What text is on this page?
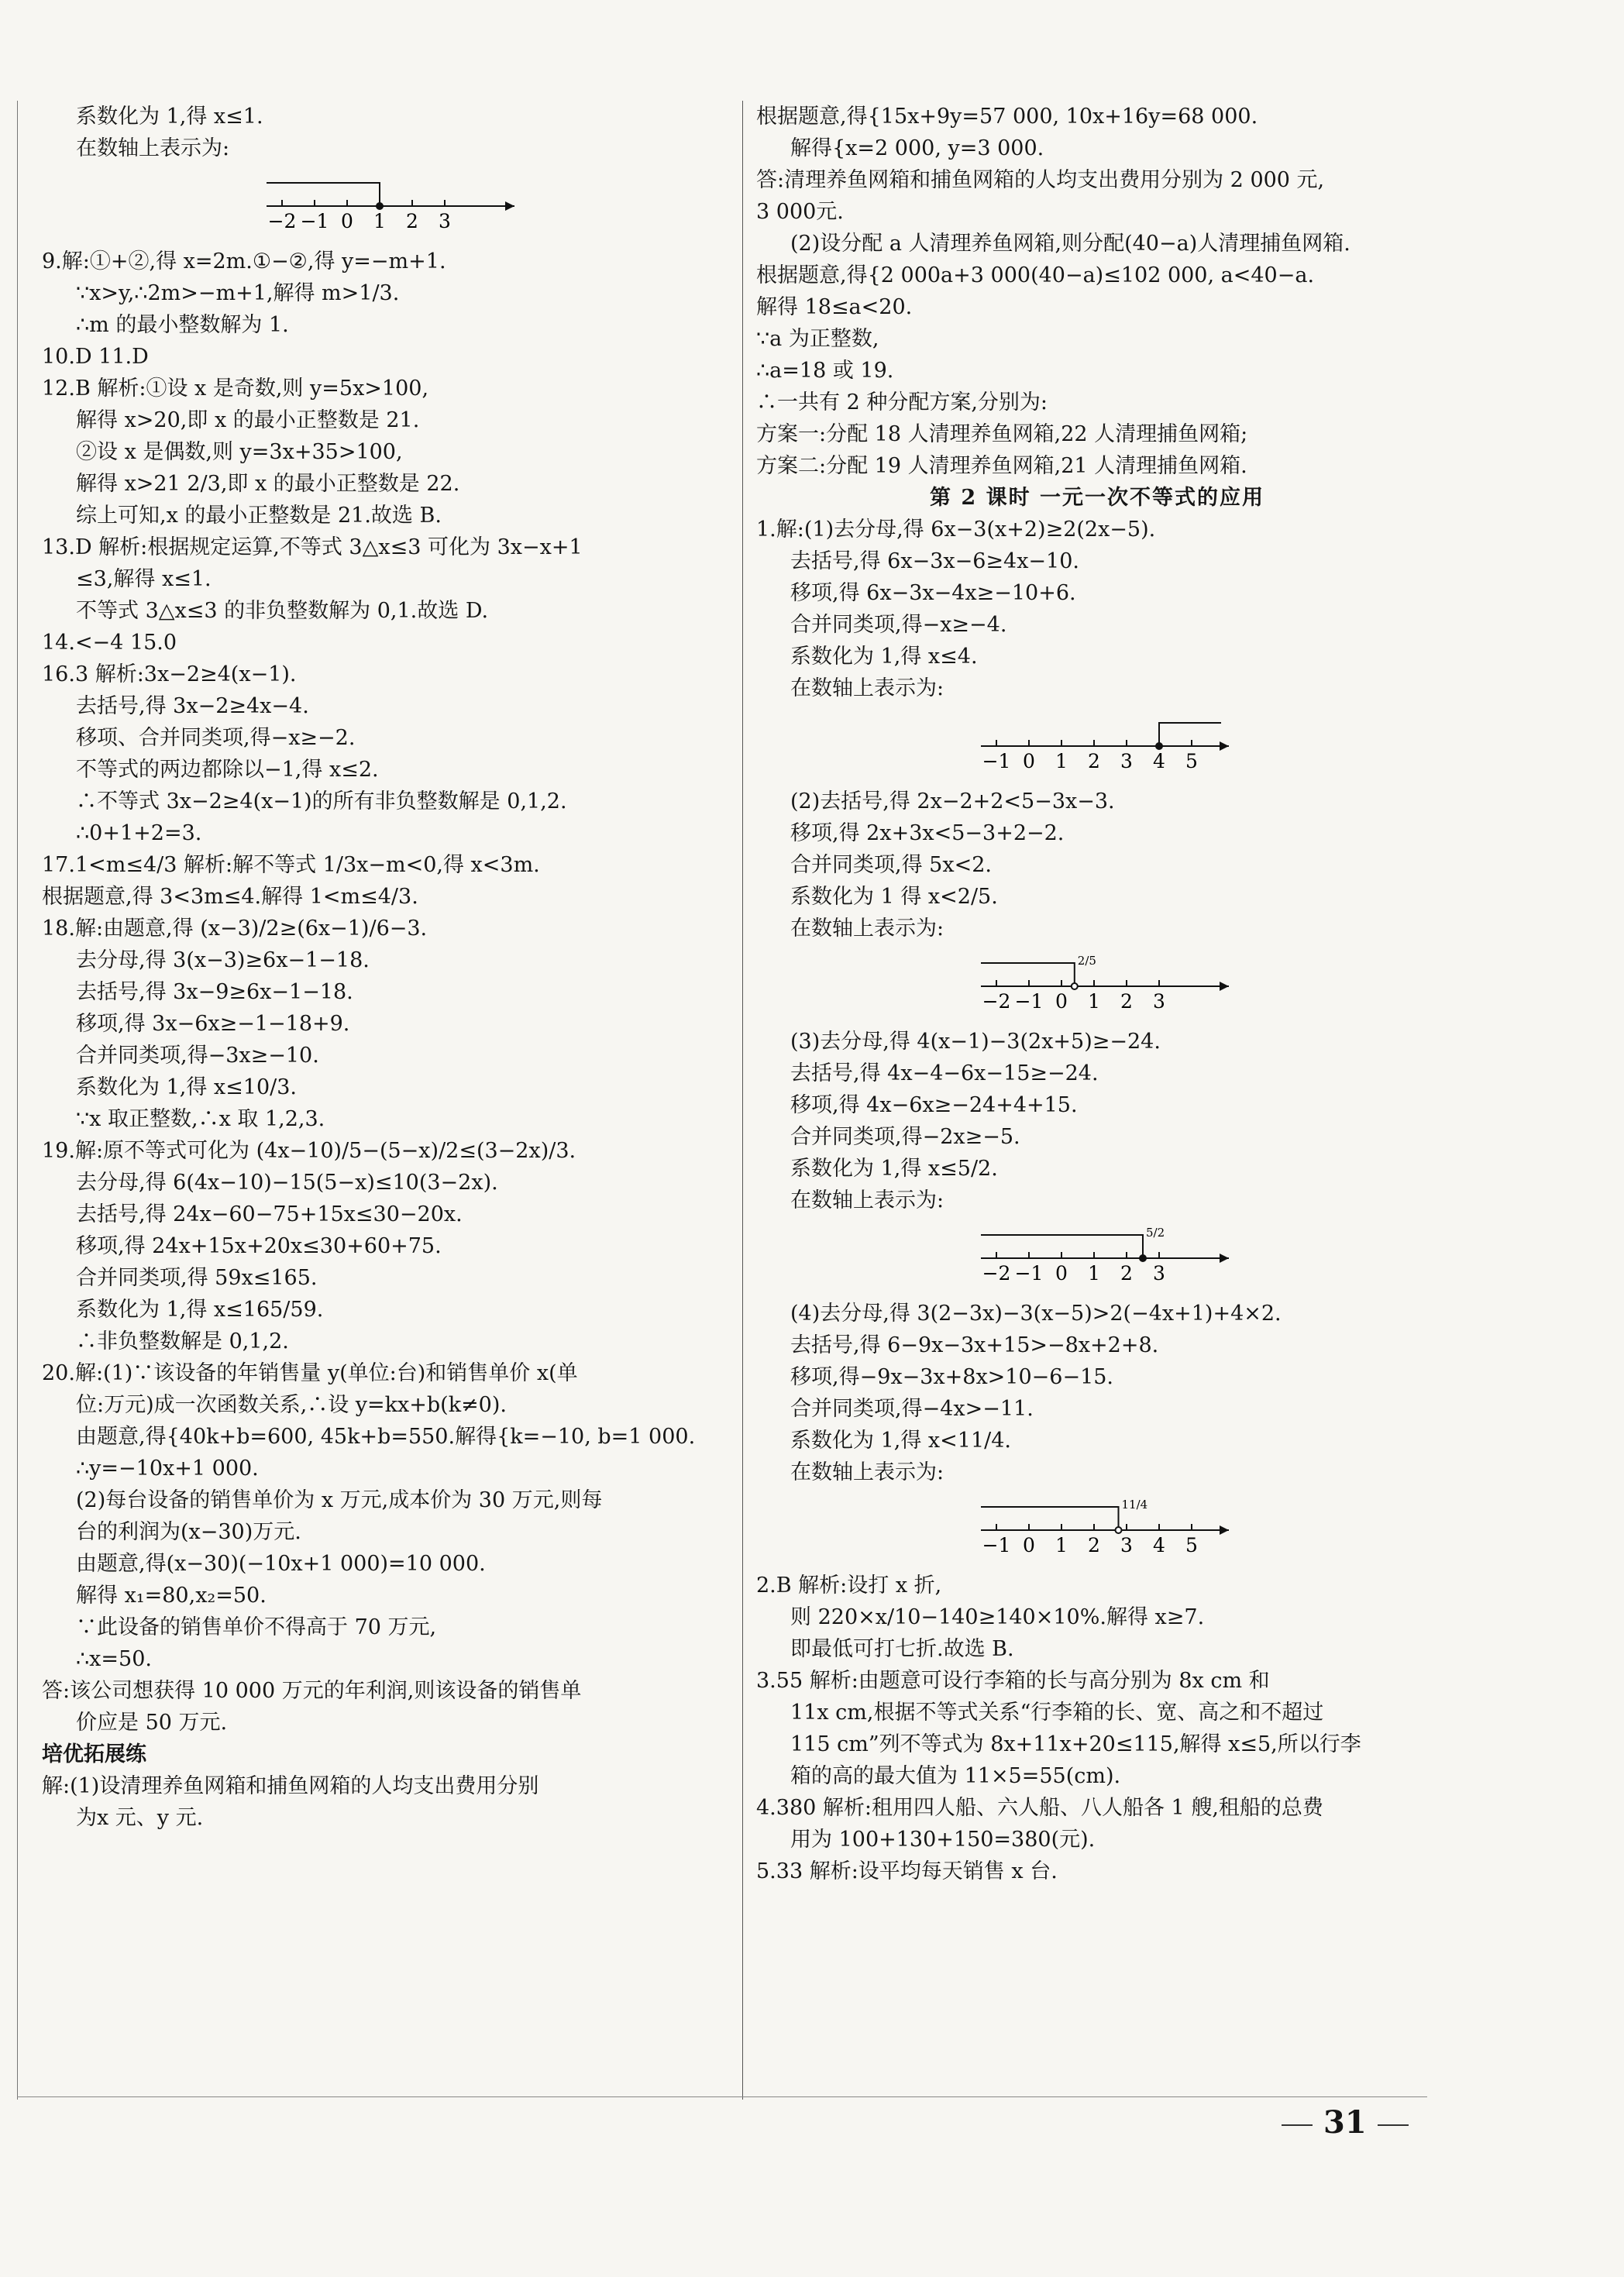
系数化为 1,得 x≤1.
在数轴上表示为:
−2 −1 0 1 2 3
9.解:①+②,得 x=2m.①−②,得 y=−m+1.
∵x>y,∴2m>−m+1,解得 m>1/3.
∴m 的最小整数解为 1.
10.D 11.D
12.B 解析:①设 x 是奇数,则 y=5x>100,
解得 x>20,即 x 的最小正整数是 21.
②设 x 是偶数,则 y=3x+35>100,
解得 x>21 2/3,即 x 的最小正整数是 22.
综上可知,x 的最小正整数是 21.故选 B.
13.D 解析:根据规定运算,不等式 3△x≤3 可化为 3x−x+1
≤3,解得 x≤1.
不等式 3△x≤3 的非负整数解为 0,1.故选 D.
14.<−4 15.0
16.3 解析:3x−2≥4(x−1).
去括号,得 3x−2≥4x−4.
移项、合并同类项,得−x≥−2.
不等式的两边都除以−1,得 x≤2.
∴不等式 3x−2≥4(x−1)的所有非负整数解是 0,1,2.
∴0+1+2=3.
17.1<m≤4/3 解析:解不等式 1/3x−m<0,得 x<3m.
根据题意,得 3<3m≤4.解得 1<m≤4/3.
18.解:由题意,得 (x−3)/2≥(6x−1)/6−3.
去分母,得 3(x−3)≥6x−1−18.
去括号,得 3x−9≥6x−1−18.
移项,得 3x−6x≥−1−18+9.
合并同类项,得−3x≥−10.
系数化为 1,得 x≤10/3.
∵x 取正整数,∴x 取 1,2,3.
19.解:原不等式可化为 (4x−10)/5−(5−x)/2≤(3−2x)/3.
去分母,得 6(4x−10)−15(5−x)≤10(3−2x).
去括号,得 24x−60−75+15x≤30−20x.
移项,得 24x+15x+20x≤30+60+75.
合并同类项,得 59x≤165.
系数化为 1,得 x≤165/59.
∴非负整数解是 0,1,2.
20.解:(1)∵该设备的年销售量 y(单位:台)和销售单价 x(单
位:万元)成一次函数关系,∴设 y=kx+b(k≠0).
由题意,得{40k+b=600, 45k+b=550.解得{k=−10, b=1 000.
∴y=−10x+1 000.
(2)每台设备的销售单价为 x 万元,成本价为 30 万元,则每
台的利润为(x−30)万元.
由题意,得(x−30)(−10x+1 000)=10 000.
解得 x₁=80,x₂=50.
∵此设备的销售单价不得高于 70 万元,
∴x=50.
答:该公司想获得 10 000 万元的年利润,则该设备的销售单
价应是 50 万元.
培优拓展练
解:(1)设清理养鱼网箱和捕鱼网箱的人均支出费用分别
为x 元、y 元.
根据题意,得{15x+9y=57 000, 10x+16y=68 000.
解得{x=2 000, y=3 000.
答:清理养鱼网箱和捕鱼网箱的人均支出费用分别为 2 000 元,
3 000元.
(2)设分配 a 人清理养鱼网箱,则分配(40−a)人清理捕鱼网箱.
根据题意,得{2 000a+3 000(40−a)≤102 000, a<40−a.
解得 18≤a<20.
∵a 为正整数,
∴a=18 或 19.
∴一共有 2 种分配方案,分别为:
方案一:分配 18 人清理养鱼网箱,22 人清理捕鱼网箱;
方案二:分配 19 人清理养鱼网箱,21 人清理捕鱼网箱.
第 2 课时 一元一次不等式的应用
1.解:(1)去分母,得 6x−3(x+2)≥2(2x−5).
去括号,得 6x−3x−6≥4x−10.
移项,得 6x−3x−4x≥−10+6.
合并同类项,得−x≥−4.
系数化为 1,得 x≤4.
在数轴上表示为:
−1 0 1 2 3 4 5
(2)去括号,得 2x−2+2<5−3x−3.
移项,得 2x+3x<5−3+2−2.
合并同类项,得 5x<2.
系数化为 1 得 x<2/5.
在数轴上表示为:
−2 −1 0 1 2 3
2/5
(3)去分母,得 4(x−1)−3(2x+5)≥−24.
去括号,得 4x−4−6x−15≥−24.
移项,得 4x−6x≥−24+4+15.
合并同类项,得−2x≥−5.
系数化为 1,得 x≤5/2.
在数轴上表示为:
−2 −1 0 1 2 3
5/2
(4)去分母,得 3(2−3x)−3(x−5)>2(−4x+1)+4×2.
去括号,得 6−9x−3x+15>−8x+2+8.
移项,得−9x−3x+8x>10−6−15.
合并同类项,得−4x>−11.
系数化为 1,得 x<11/4.
在数轴上表示为:
−1 0 1 2 3 4 5
11/4
2.B 解析:设打 x 折,
则 220×x/10−140≥140×10%.解得 x≥7.
即最低可打七折.故选 B.
3.55 解析:由题意可设行李箱的长与高分别为 8x cm 和
11x cm,根据不等式关系“行李箱的长、宽、高之和不超过
115 cm”列不等式为 8x+11x+20≤115,解得 x≤5,所以行李
箱的高的最大值为 11×5=55(cm).
4.380 解析:租用四人船、六人船、八人船各 1 艘,租船的总费
用为 100+130+150=380(元).
5.33 解析:设平均每天销售 x 台.
31
